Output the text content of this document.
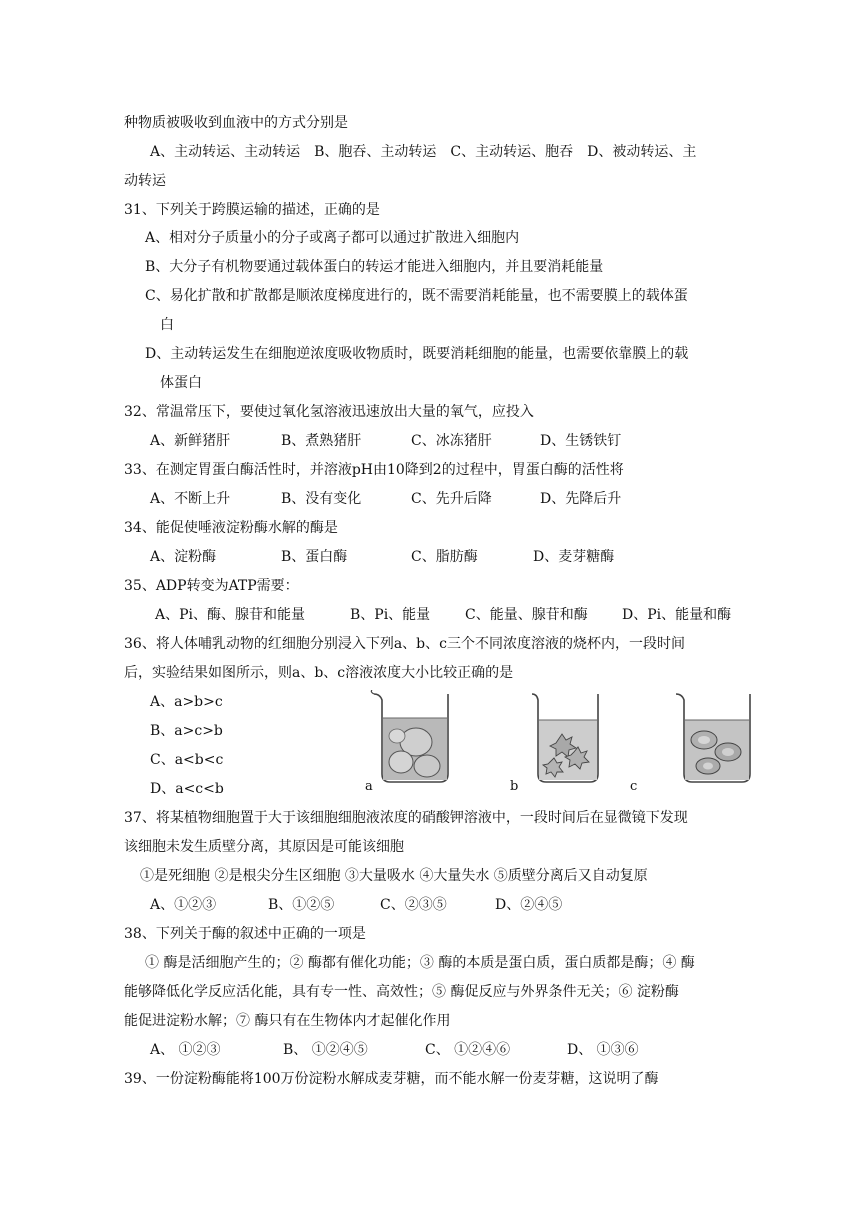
种物质被吸收到血液中的方式分别是
A、主动转运、主动转运　B、胞吞、主动转运　C、主动转运、胞吞　D、被动转运、主
动转运
31、下列关于跨膜运输的描述，正确的是
A、相对分子质量小的分子或离子都可以通过扩散进入细胞内
B、大分子有机物要通过载体蛋白的转运才能进入细胞内，并且要消耗能量
C、易化扩散和扩散都是顺浓度梯度进行的，既不需要消耗能量，也不需要膜上的载体蛋
白
D、主动转运发生在细胞逆浓度吸收物质时，既要消耗细胞的能量，也需要依靠膜上的载
体蛋白
32、常温常压下，要使过氧化氢溶液迅速放出大量的氧气，应投入
A、新鲜猪肝	B、煮熟猪肝	C、冰冻猪肝	D、生锈铁钉
33、在测定胃蛋白酶活性时，并溶液pH由10降到2的过程中，胃蛋白酶的活性将
A、不断上升	B、没有变化	C、先升后降	D、先降后升
34、能促使唾液淀粉酶水解的酶是
A、淀粉酶	B、蛋白酶	C、脂肪酶	D、麦芽糖酶
35、ADP转变为ATP需要：
A、Pi、酶、腺苷和能量	B、Pi、能量 C、能量、腺苷和酶 D、Pi、能量和酶
36、将人体哺乳动物的红细胞分别浸入下列a、b、c三个不同浓度溶液的烧杯内，一段时间
后，实验结果如图所示，则a、b、c溶液浓度大小比较正确的是
A、a>b>c
B、a>c>b
C、a<b<c
D、a<c<b	a	b	c
37、将某植物细胞置于大于该细胞细胞液浓度的硝酸钾溶液中，一段时间后在显微镜下发现
该细胞未发生质壁分离，其原因是可能该细胞
①是死细胞 ②是根尖分生区细胞 ③大量吸水 ④大量失水 ⑤质壁分离后又自动复原
A、①②③	B、①②⑤	C、②③⑤	D、②④⑤
38、下列关于酶的叙述中正确的一项是
① 酶是活细胞产生的；② 酶都有催化功能；③ 酶的本质是蛋白质，蛋白质都是酶；④ 酶
能够降低化学反应活化能，具有专一性、高效性；⑤ 酶促反应与外界条件无关；⑥ 淀粉酶
能促进淀粉水解；⑦ 酶只有在生物体内才起催化作用
A、 ①②③	B、 ①②④⑤	C、 ①②④⑥	D、 ①③⑥
39、一份淀粉酶能将100万份淀粉水解成麦芽糖，而不能水解一份麦芽糖，这说明了酶
